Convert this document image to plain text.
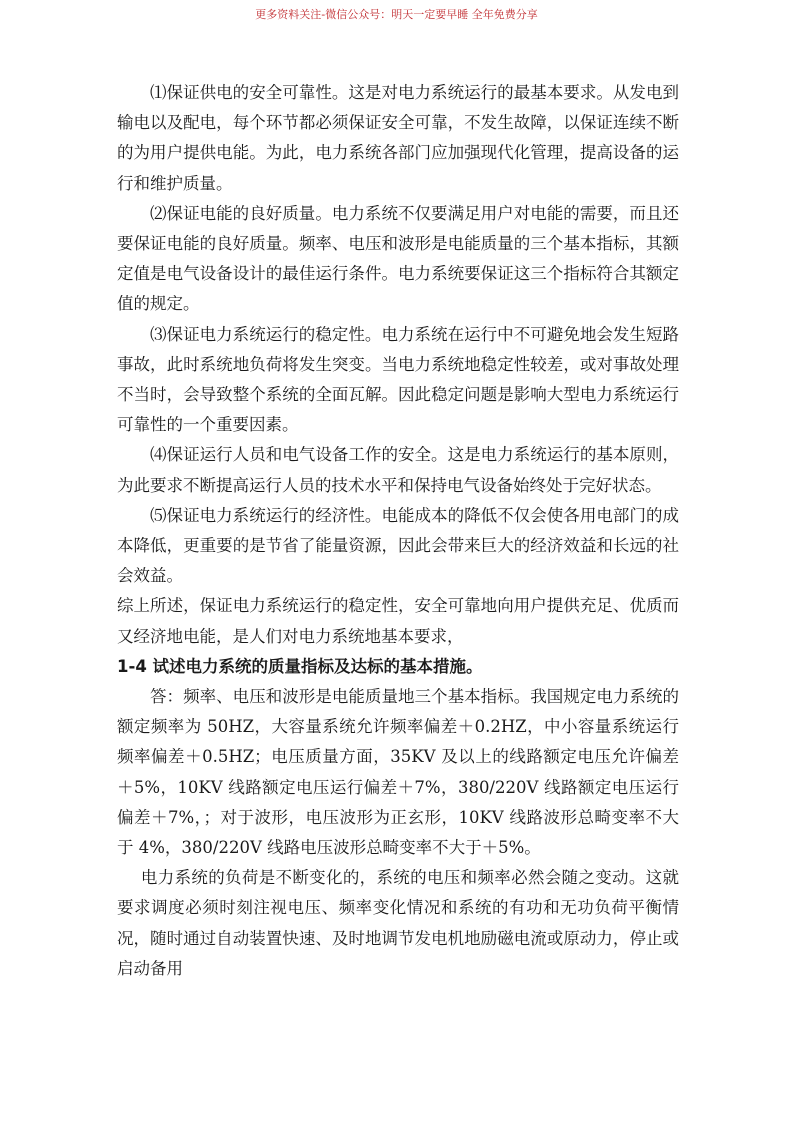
更多资料关注-微信公众号：明天一定要早睡 全年免费分享

⑴保证供电的安全可靠性。这是对电力系统运行的最基本要求。从发电到输电以及配电，每个环节都必须保证安全可靠，不发生故障，以保证连续不断的为用户提供电能。为此，电力系统各部门应加强现代化管理，提高设备的运行和维护质量。

⑵保证电能的良好质量。电力系统不仅要满足用户对电能的需要，而且还要保证电能的良好质量。频率、电压和波形是电能质量的三个基本指标，其额定值是电气设备设计的最佳运行条件。电力系统要保证这三个指标符合其额定值的规定。

⑶保证电力系统运行的稳定性。电力系统在运行中不可避免地会发生短路事故，此时系统地负荷将发生突变。当电力系统地稳定性较差，或对事故处理不当时，会导致整个系统的全面瓦解。因此稳定问题是影响大型电力系统运行可靠性的一个重要因素。

⑷保证运行人员和电气设备工作的安全。这是电力系统运行的基本原则，为此要求不断提高运行人员的技术水平和保持电气设备始终处于完好状态。

⑸保证电力系统运行的经济性。电能成本的降低不仅会使各用电部门的成本降低，更重要的是节省了能量资源，因此会带来巨大的经济效益和长远的社会效益。

综上所述，保证电力系统运行的稳定性，安全可靠地向用户提供充足、优质而又经济地电能，是人们对电力系统地基本要求，

1-4 试述电力系统的质量指标及达标的基本措施。

答：频率、电压和波形是电能质量地三个基本指标。我国规定电力系统的额定频率为 50HZ，大容量系统允许频率偏差＋0.2HZ，中小容量系统运行频率偏差＋0.5HZ；电压质量方面，35KV 及以上的线路额定电压允许偏差＋5%，10KV 线路额定电压运行偏差＋7%，380/220V 线路额定电压运行偏差＋7%，；对于波形，电压波形为正玄形，10KV 线路波形总畸变率不大于 4%，380/220V 线路电压波形总畸变率不大于＋5%。

电力系统的负荷是不断变化的，系统的电压和频率必然会随之变动。这就要求调度必须时刻注视电压、频率变化情况和系统的有功和无功负荷平衡情况，随时通过自动装置快速、及时地调节发电机地励磁电流或原动力，停止或启动备用
